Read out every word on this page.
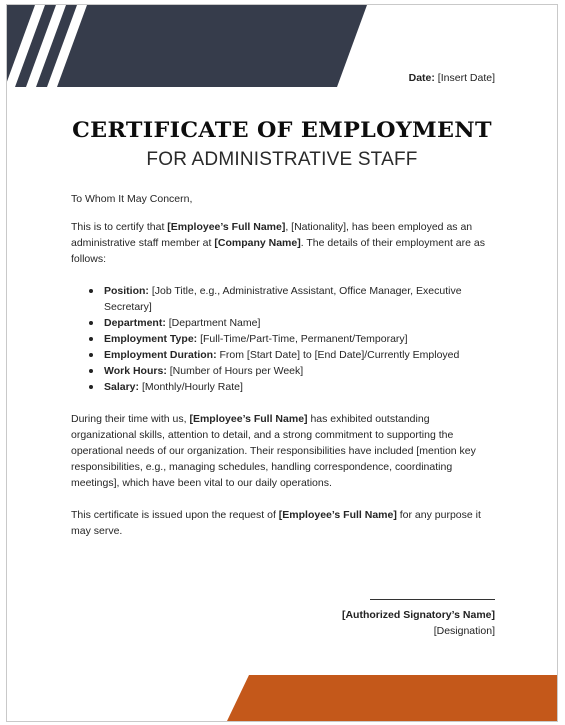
Date: [Insert Date]
CERTIFICATE OF EMPLOYMENT
FOR ADMINISTRATIVE STAFF
To Whom It May Concern,
This is to certify that [Employee’s Full Name], [Nationality], has been employed as an administrative staff member at [Company Name]. The details of their employment are as follows:
Position: [Job Title, e.g., Administrative Assistant, Office Manager, Executive Secretary]
Department: [Department Name]
Employment Type: [Full-Time/Part-Time, Permanent/Temporary]
Employment Duration: From [Start Date] to [End Date]/Currently Employed
Work Hours: [Number of Hours per Week]
Salary: [Monthly/Hourly Rate]
During their time with us, [Employee’s Full Name] has exhibited outstanding organizational skills, attention to detail, and a strong commitment to supporting the operational needs of our organization. Their responsibilities have included [mention key responsibilities, e.g., managing schedules, handling correspondence, coordinating meetings], which have been vital to our daily operations.
This certificate is issued upon the request of [Employee’s Full Name] for any purpose it may serve.
[Authorized Signatory’s Name]
[Designation]
